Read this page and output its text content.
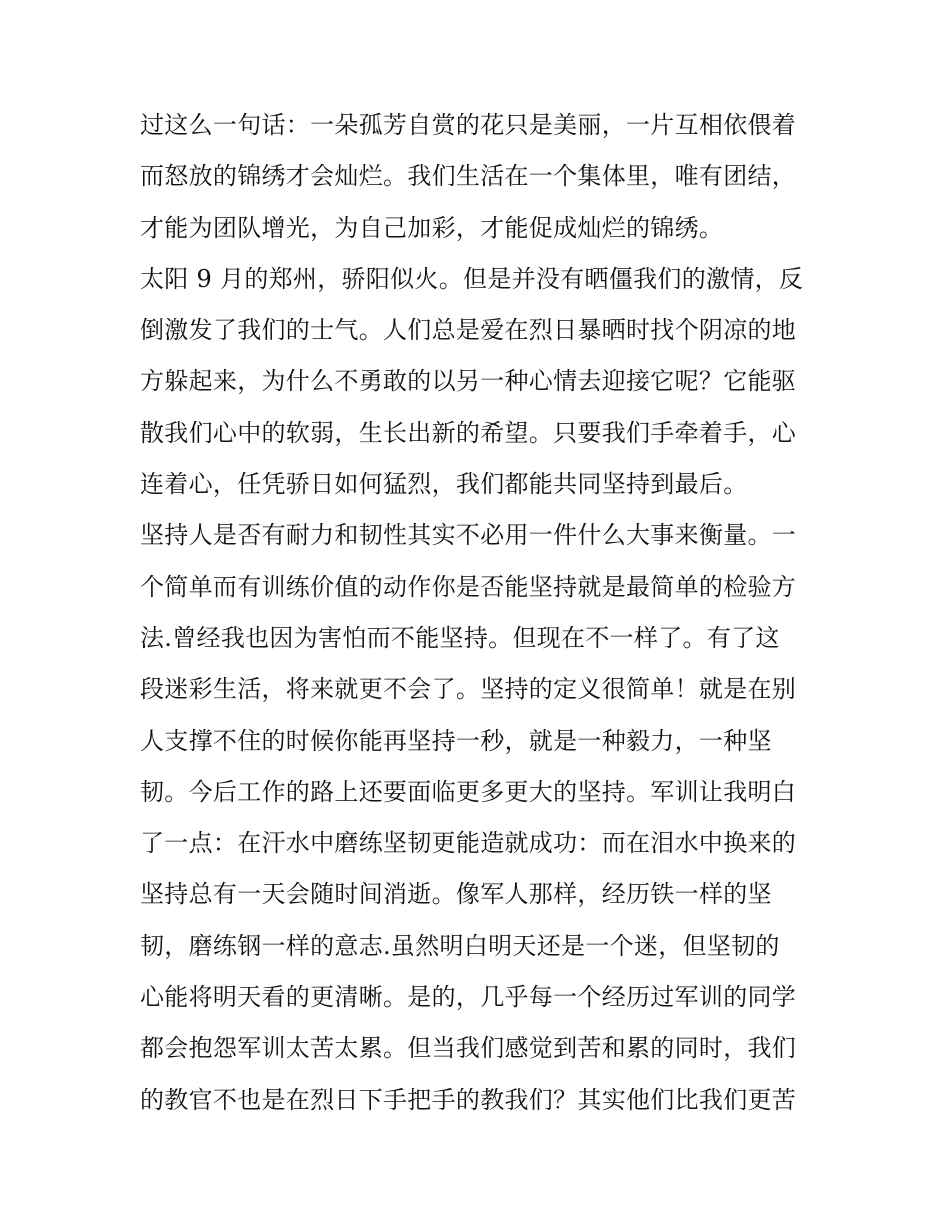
过这么一句话：一朵孤芳自赏的花只是美丽，一片互相依偎着
而怒放的锦绣才会灿烂。我们生活在一个集体里，唯有团结，
才能为团队增光，为自己加彩，才能促成灿烂的锦绣。
太阳 9 月的郑州，骄阳似火。但是并没有晒僵我们的激情，反
倒激发了我们的士气。人们总是爱在烈日暴晒时找个阴凉的地
方躲起来，为什么不勇敢的以另一种心情去迎接它呢？它能驱
散我们心中的软弱，生长出新的希望。只要我们手牵着手，心
连着心，任凭骄日如何猛烈，我们都能共同坚持到最后。
坚持人是否有耐力和韧性其实不必用一件什么大事来衡量。一
个简单而有训练价值的动作你是否能坚持就是最简单的检验方
法.曾经我也因为害怕而不能坚持。但现在不一样了。有了这
段迷彩生活，将来就更不会了。坚持的定义很简单！就是在别
人支撑不住的时候你能再坚持一秒，就是一种毅力，一种坚
韧。今后工作的路上还要面临更多更大的坚持。军训让我明白
了一点：在汗水中磨练坚韧更能造就成功：而在泪水中换来的
坚持总有一天会随时间消逝。像军人那样，经历铁一样的坚
韧，磨练钢一样的意志.虽然明白明天还是一个迷，但坚韧的
心能将明天看的更清晰。是的，几乎每一个经历过军训的同学
都会抱怨军训太苦太累。但当我们感觉到苦和累的同时，我们
的教官不也是在烈日下手把手的教我们？其实他们比我们更苦
